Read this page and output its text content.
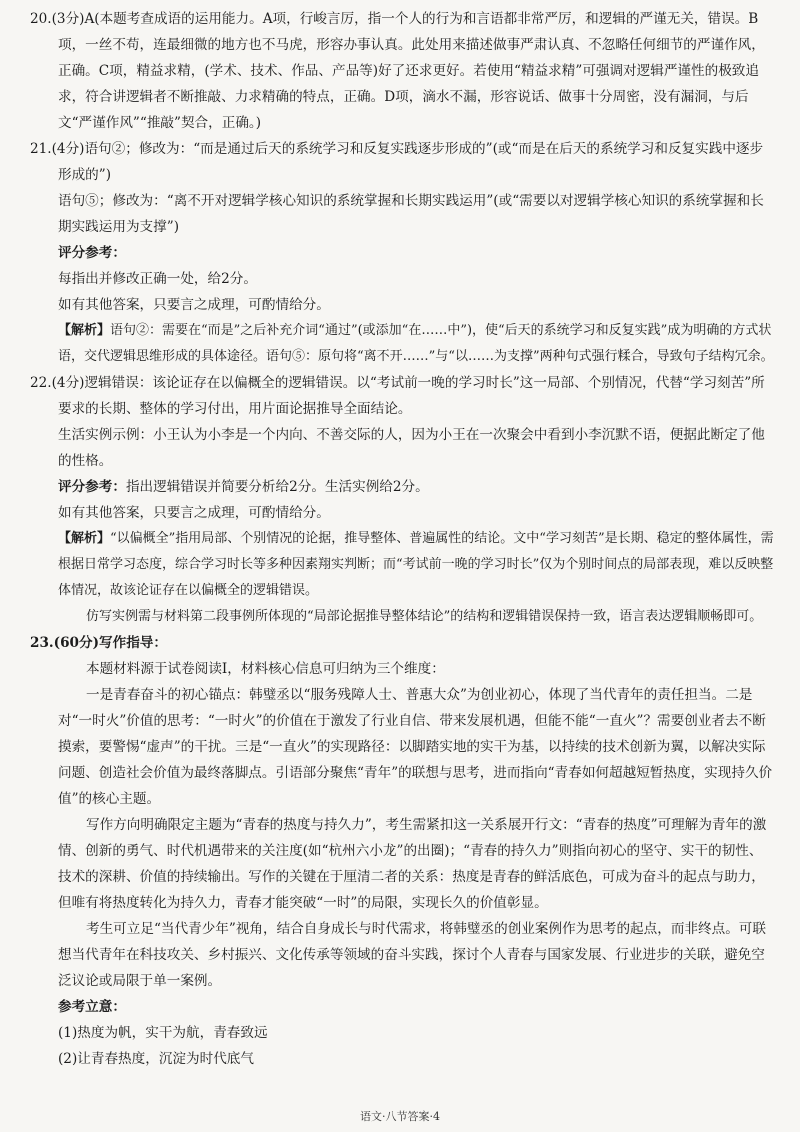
20.(3分)A(本题考查成语的运用能力。A项，行峻言厉，指一个人的行为和言语都非常严厉，和逻辑的严谨无关，错误。B项，一丝不苟，连最细微的地方也不马虎，形容办事认真。此处用来描述做事严肃认真、不忽略任何细节的严谨作风，正确。C项，精益求精，(学术、技术、作品、产品等)好了还求更好。若使用“精益求精”可强调对逻辑严谨性的极致追求，符合讲逻辑者不断推敲、力求精确的特点，正确。D项，滴水不漏，形容说话、做事十分周密，没有漏洞，与后文“严谨作风”“推敲”契合，正确。)

21.(4分)语句②；修改为：“而是通过后天的系统学习和反复实践逐步形成的”(或“而是在后天的系统学习和反复实践中逐步形成的”)

语句⑤；修改为：“离不开对逻辑学核心知识的系统掌握和长期实践运用”(或“需要以对逻辑学核心知识的系统掌握和长期实践运用为支撑”)

评分参考：

每指出并修改正确一处，给2分。

如有其他答案，只要言之成理，可酌情给分。

【解析】语句②：需要在“而是”之后补充介词“通过”(或添加“在……中”)，使“后天的系统学习和反复实践”成为明确的方式状语，交代逻辑思维形成的具体途径。语句⑤：原句将“离不开……”与“以……为支撑”两种句式强行糅合，导致句子结构冗余。

22.(4分)逻辑错误：该论证存在以偏概全的逻辑错误。以“考试前一晚的学习时长”这一局部、个别情况，代替“学习刻苦”所要求的长期、整体的学习付出，用片面论据推导全面结论。

生活实例示例：小王认为小李是一个内向、不善交际的人，因为小王在一次聚会中看到小李沉默不语，便据此断定了他的性格。

评分参考：指出逻辑错误并简要分析给2分。生活实例给2分。

如有其他答案，只要言之成理，可酌情给分。

【解析】“以偏概全”指用局部、个别情况的论据，推导整体、普遍属性的结论。文中“学习刻苦”是长期、稳定的整体属性，需根据日常学习态度，综合学习时长等多种因素翔实判断；而“考试前一晚的学习时长”仅为个别时间点的局部表现，难以反映整体情况，故该论证存在以偏概全的逻辑错误。

仿写实例需与材料第二段事例所体现的“局部论据推导整体结论”的结构和逻辑错误保持一致，语言表达逻辑顺畅即可。

23.(60分)写作指导：

本题材料源于试卷阅读Ⅰ，材料核心信息可归纳为三个维度：

一是青春奋斗的初心锚点：韩璧丞以“服务残障人士、普惠大众”为创业初心，体现了当代青年的责任担当。二是对“一时火”价值的思考：“一时火”的价值在于激发了行业自信、带来发展机遇，但能不能“一直火”？需要创业者去不断摸索，要警惕“虚声”的干扰。三是“一直火”的实现路径：以脚踏实地的实干为基，以持续的技术创新为翼，以解决实际问题、创造社会价值为最终落脚点。引语部分聚焦“青年”的联想与思考，进而指向“青春如何超越短暂热度，实现持久价值”的核心主题。

写作方向明确限定主题为“青春的热度与持久力”，考生需紧扣这一关系展开行文：“青春的热度”可理解为青年的激情、创新的勇气、时代机遇带来的关注度(如“杭州六小龙”的出圈)；“青春的持久力”则指向初心的坚守、实干的韧性、技术的深耕、价值的持续输出。写作的关键在于厘清二者的关系：热度是青春的鲜活底色，可成为奋斗的起点与助力，但唯有将热度转化为持久力，青春才能突破“一时”的局限，实现长久的价值彰显。

考生可立足“当代青少年”视角，结合自身成长与时代需求，将韩璧丞的创业案例作为思考的起点，而非终点。可联想当代青年在科技攻关、乡村振兴、文化传承等领域的奋斗实践，探讨个人青春与国家发展、行业进步的关联，避免空泛议论或局限于单一案例。

参考立意：

(1)热度为帆，实干为航，青春致远

(2)让青春热度，沉淀为时代底气

语文·八节答案·4
